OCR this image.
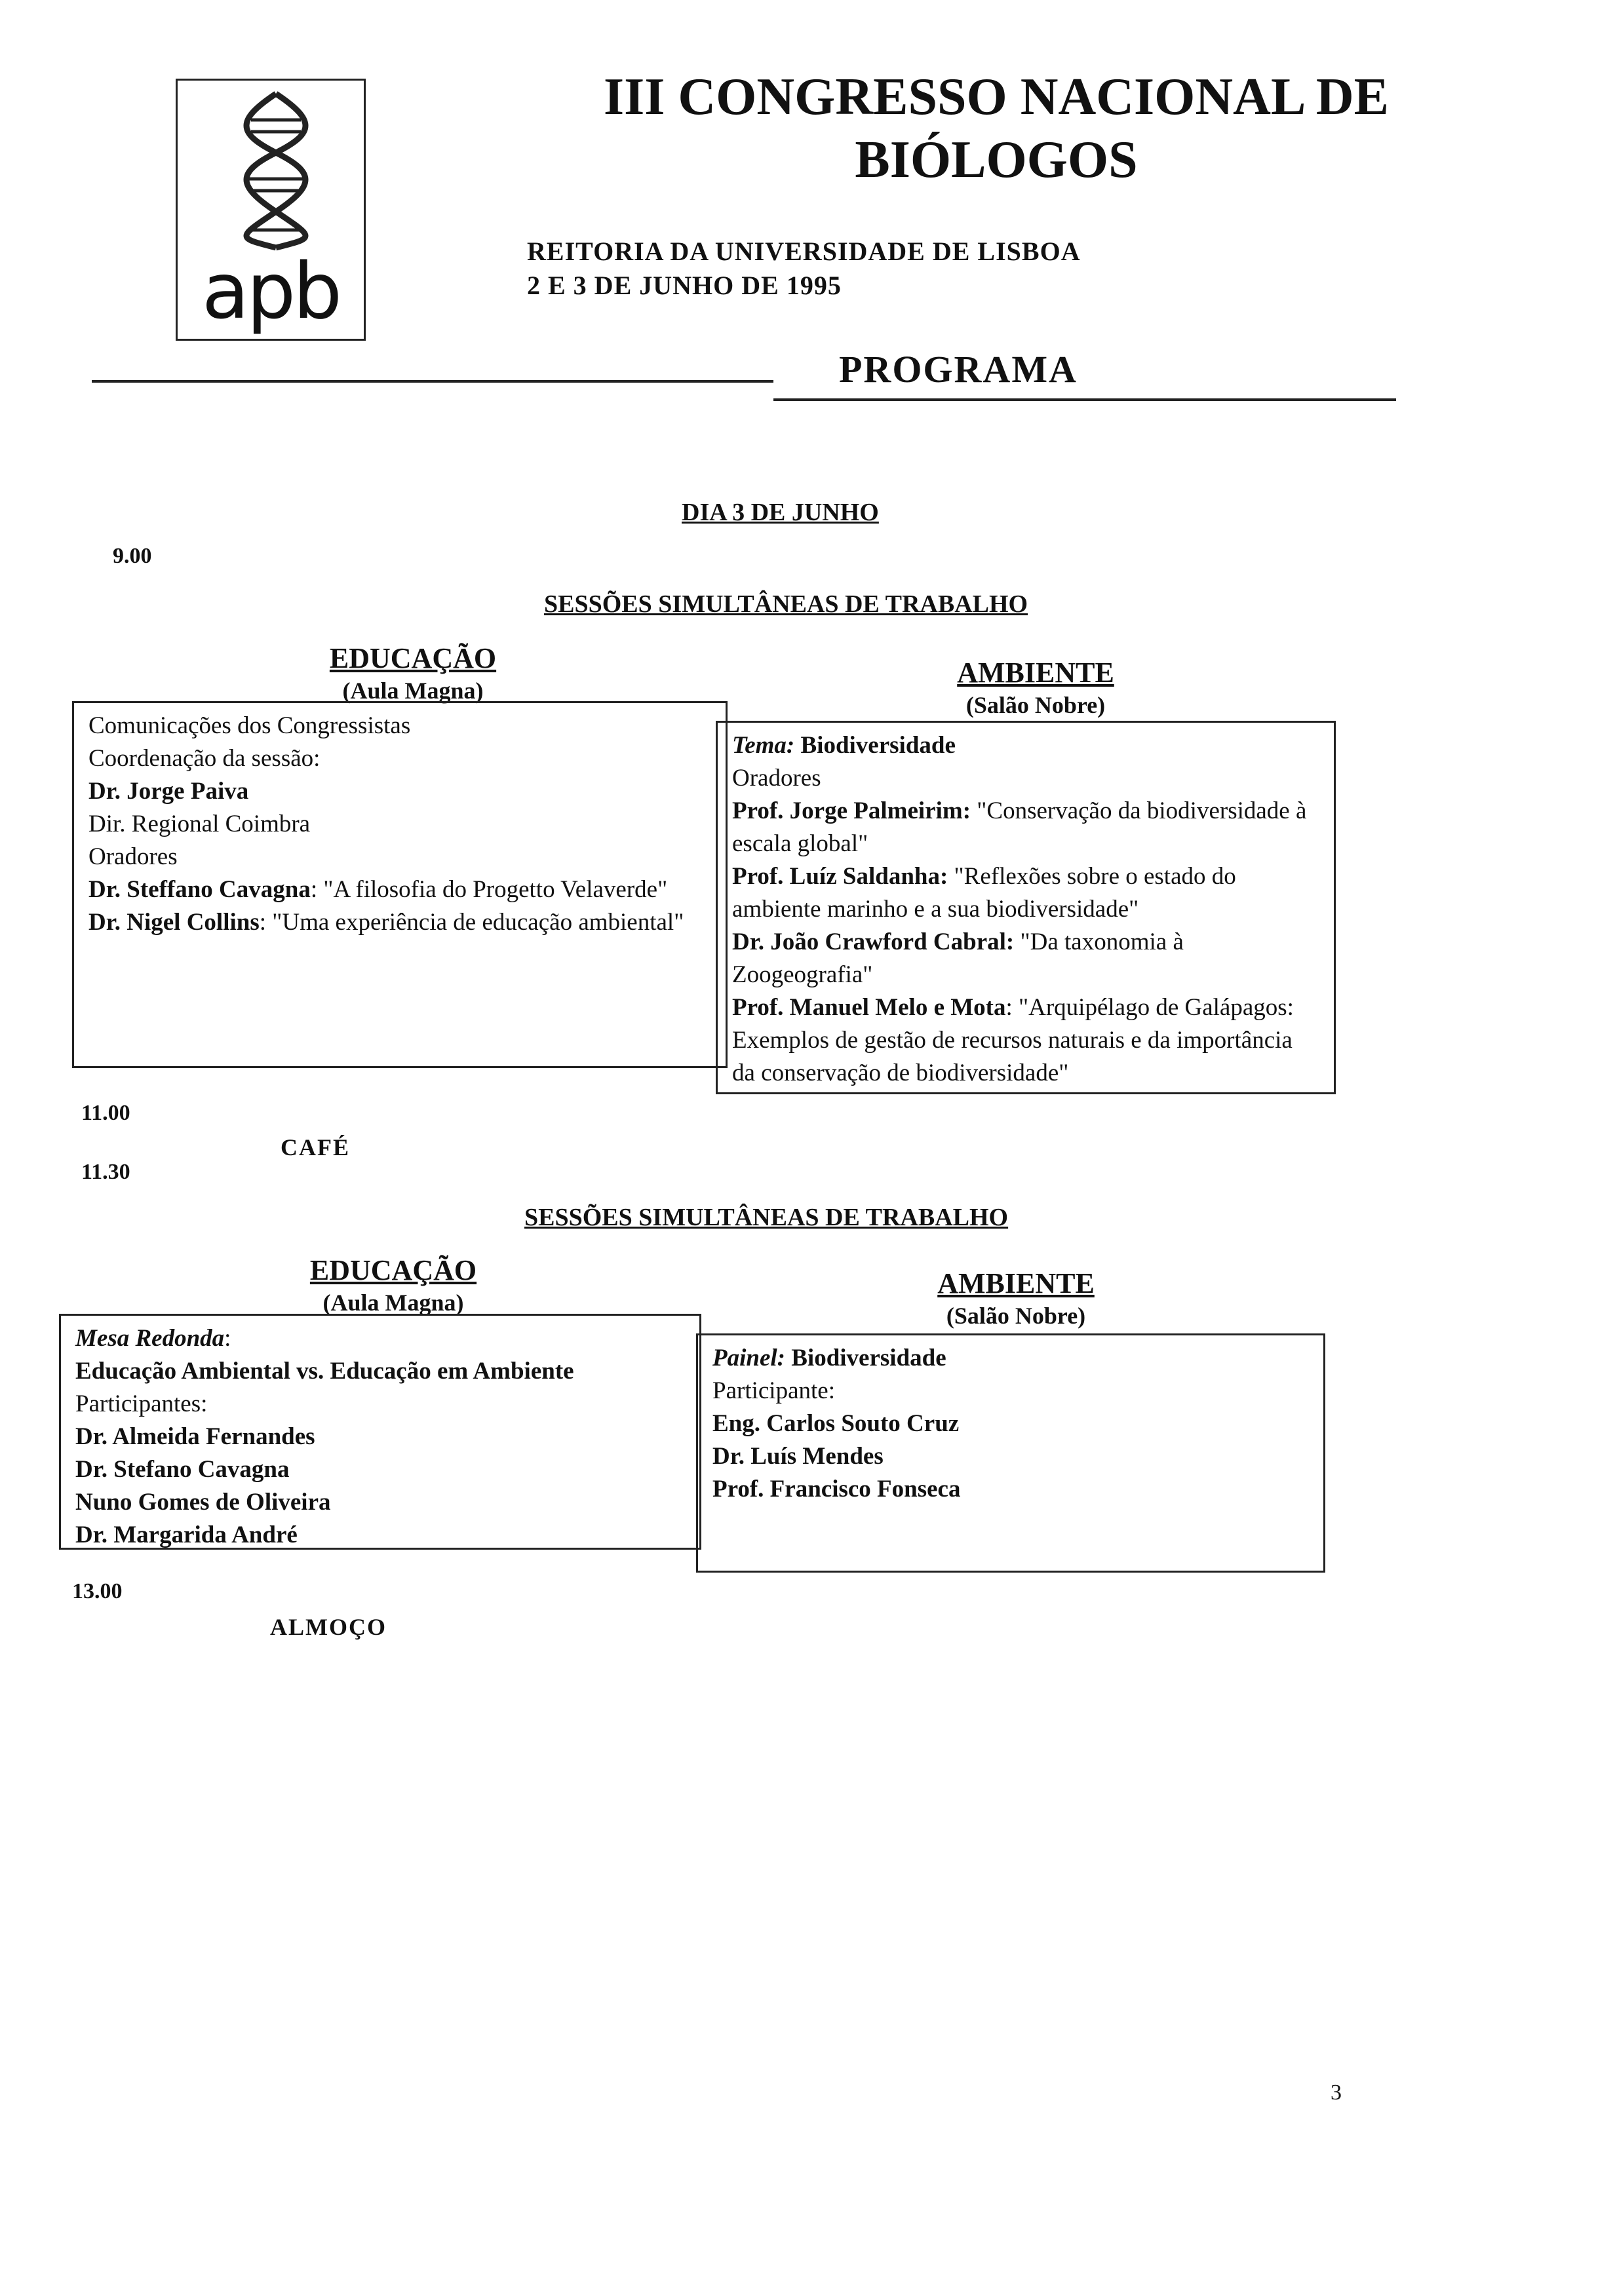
apb
III CONGRESSO NACIONAL DE
BIÓLOGOS
REITORIA DA UNIVERSIDADE DE LISBOA
2 E 3 DE JUNHO DE 1995
PROGRAMA
DIA 3 DE JUNHO
9.00
SESSÕES SIMULTÂNEAS DE TRABALHO
EDUCAÇÃO
(Aula Magna)
AMBIENTE
(Salão Nobre)
Comunicações dos Congressistas
Coordenação da sessão:
Dr. Jorge Paiva
Dir. Regional Coimbra
Oradores
Dr. Steffano Cavagna: "A filosofia do Progetto Velaverde"
Dr. Nigel Collins: "Uma experiência de educação ambiental"
Tema: Biodiversidade
Oradores
Prof. Jorge Palmeirim: "Conservação da biodiversidade à escala global"
Prof. Luíz Saldanha: "Reflexões sobre o estado do ambiente marinho e a sua biodiversidade"
Dr. João Crawford Cabral: "Da taxonomia à Zoogeografia"
Prof. Manuel Melo e Mota: "Arquipélago de Galápagos: Exemplos de gestão de recursos naturais e da importância da conservação de biodiversidade"
11.00
CAFÉ
11.30
SESSÕES SIMULTÂNEAS DE TRABALHO
EDUCAÇÃO
(Aula Magna)
AMBIENTE
(Salão Nobre)
Mesa Redonda:
Educação Ambiental vs. Educação em Ambiente
Participantes:
Dr. Almeida Fernandes
Dr. Stefano Cavagna
Nuno Gomes de Oliveira
Dr. Margarida André
Painel: Biodiversidade
Participante:
Eng. Carlos Souto Cruz
Dr. Luís Mendes
Prof. Francisco Fonseca
13.00
ALMOÇO
3
